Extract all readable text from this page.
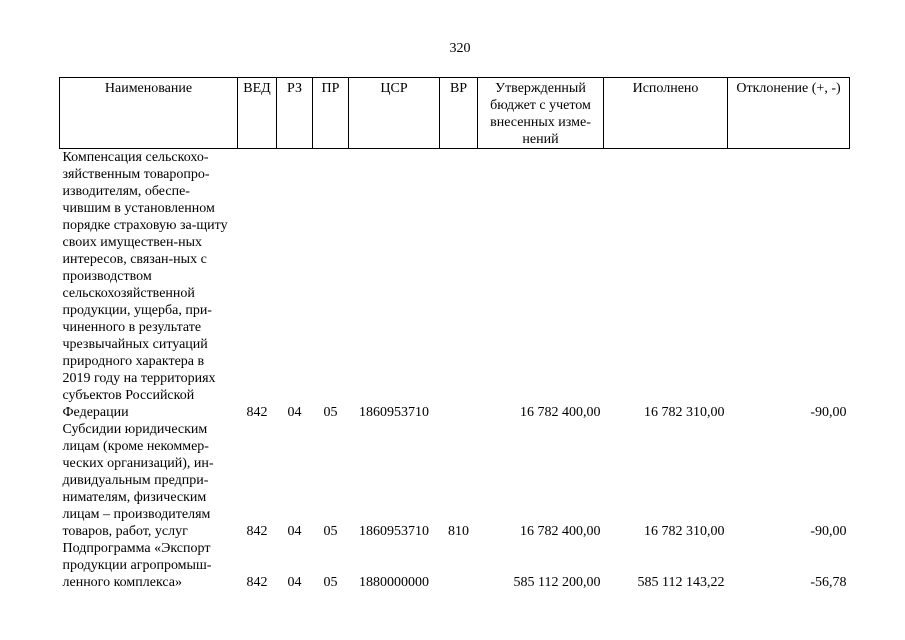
320
Наименование	ВЕД	РЗ	ПР	ЦСР	ВР	Утвержденный бюджет с учетом внесенных изме-нений	Исполнено	Отклонение (+, -)
Компенсация сельскохо-зяйственным товаропро-изводителям, обеспе-чившим в установленном порядке страховую за-щиту своих имуществен-ных интересов, связан-ных с производством сельскохозяйственной продукции, ущерба, при-чиненного в результате чрезвычайных ситуаций природного характера в 2019 году на территориях субъектов Российской Федерации	842	04	05	1860953710		16 782 400,00	16 782 310,00	-90,00
Субсидии юридическим лицам (кроме некоммер-ческих организаций), ин-дивидуальным предпри-нимателям, физическим лицам – производителям товаров, работ, услуг	842	04	05	1860953710	810	16 782 400,00	16 782 310,00	-90,00
Подпрограмма «Экспорт продукции агропромыш-ленного комплекса»	842	04	05	1880000000		585 112 200,00	585 112 143,22	-56,78
